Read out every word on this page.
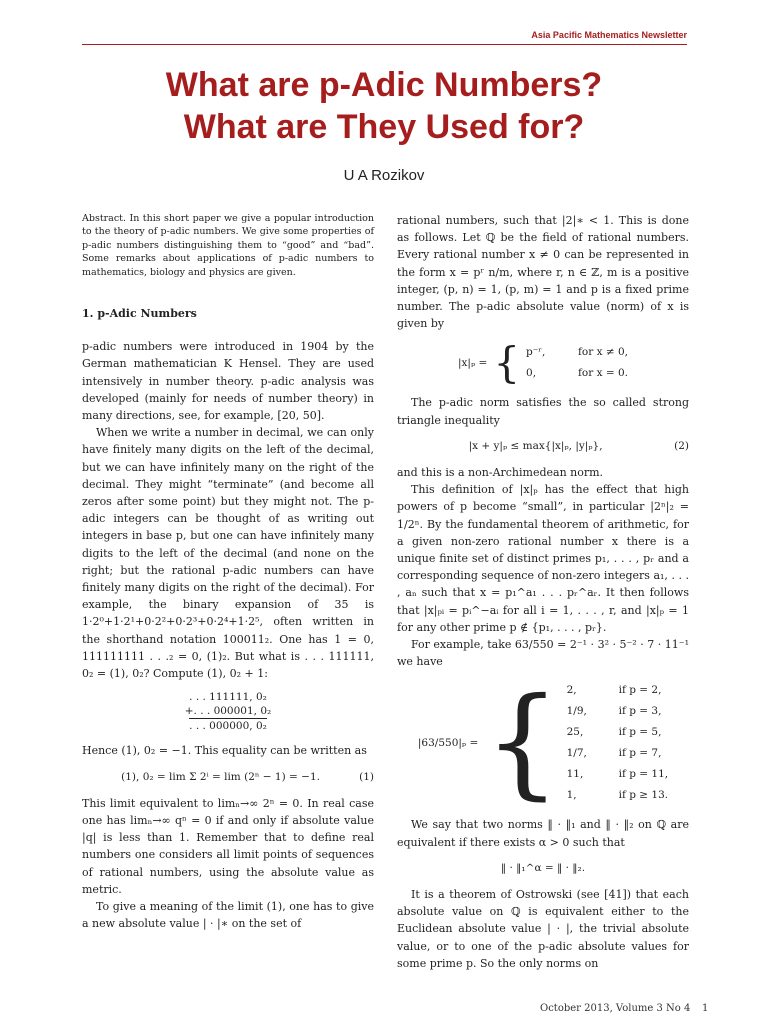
Asia Pacific Mathematics Newsletter
What are p-Adic Numbers?
What are They Used for?
U A Rozikov

Abstract. In this short paper we give a popular introduction to the theory of p-adic numbers. We give some properties of p-adic numbers distinguishing them to “good” and “bad”. Some remarks about applications of p-adic numbers to mathematics, biology and physics are given.

1. p-Adic Numbers

p-adic numbers were introduced in 1904 by the German mathematician K Hensel. They are used intensively in number theory. p-adic analysis was developed (mainly for needs of number theory) in many directions, see, for example, [20, 50].

When we write a number in decimal, we can only have finitely many digits on the left of the decimal, but we can have infinitely many on the right of the decimal. They might “terminate” (and become all zeros after some point) but they might not. The p-adic integers can be thought of as writing out integers in base p, but one can have infinitely many digits to the left of the decimal (and none on the right; but the rational p-adic numbers can have finitely many digits on the right of the decimal). For example, the binary expansion of 35 is 1·2⁰+1·2¹+0·2²+0·2³+0·2⁴+1·2⁵, often written in the shorthand notation 100011₂. One has 1 = 0, 111111111 . . .₂ = 0, (1)₂. But what is . . . 111111, 0₂ = (1), 0₂? Compute (1), 0₂ + 1:

. . . 111111, 0₂
+. . . 000001, 0₂
. . . 000000, 0₂

Hence (1), 0₂ = −1. This equality can be written as

(1), 0₂ = lim Σ 2ⁱ = lim (2ⁿ − 1) = −1.	(1)

This limit equivalent to limₙ→∞ 2ⁿ = 0. In real case one has limₙ→∞ qⁿ = 0 if and only if absolute value |q| is less than 1. Remember that to define real numbers one considers all limit points of sequences of rational numbers, using the absolute value as metric.

To give a meaning of the limit (1), one has to give a new absolute value | · |∗ on the set of

rational numbers, such that |2|∗ < 1. This is done as follows. Let ℚ be the field of rational numbers. Every rational number x ≠ 0 can be represented in the form x = pʳ n/m, where r, n ∈ ℤ, m is a positive integer, (p, n) = 1, (p, m) = 1 and p is a fixed prime number. The p-adic absolute value (norm) of x is given by

|x|ₚ = { p⁻ʳ,	for x ≠ 0,
0,	for x = 0.

The p-adic norm satisfies the so called strong triangle inequality

|x + y|ₚ ≤ max{|x|ₚ, |y|ₚ},	(2)

and this is a non-Archimedean norm.

This definition of |x|ₚ has the effect that high powers of p become “small”, in particular |2ⁿ|₂ = 1/2ⁿ. By the fundamental theorem of arithmetic, for a given non-zero rational number x there is a unique finite set of distinct primes p₁, . . . , pᵣ and a corresponding sequence of non-zero integers a₁, . . . , aₙ such that x = p₁^a₁ . . . pᵣ^aᵣ. It then follows that |x|ₚᵢ = pᵢ^−aᵢ for all i = 1, . . . , r, and |x|ₚ = 1 for any other prime p ∉ {p₁, . . . , pᵣ}.

For example, take 63/550 = 2⁻¹ · 3² · 5⁻² · 7 · 11⁻¹ we have

|63/550|ₚ = { 2,	if p = 2,
1/9,	if p = 3,
25,	if p = 5,
1/7,	if p = 7,
11,	if p = 11,
1,	if p ≥ 13.

We say that two norms ‖ · ‖₁ and ‖ · ‖₂ on ℚ are equivalent if there exists α > 0 such that

‖ · ‖₁^α = ‖ · ‖₂.

It is a theorem of Ostrowski (see [41]) that each absolute value on ℚ is equivalent either to the Euclidean absolute value | · |, the trivial absolute value, or to one of the p-adic absolute values for some prime p. So the only norms on

October 2013, Volume 3 No 4 1
